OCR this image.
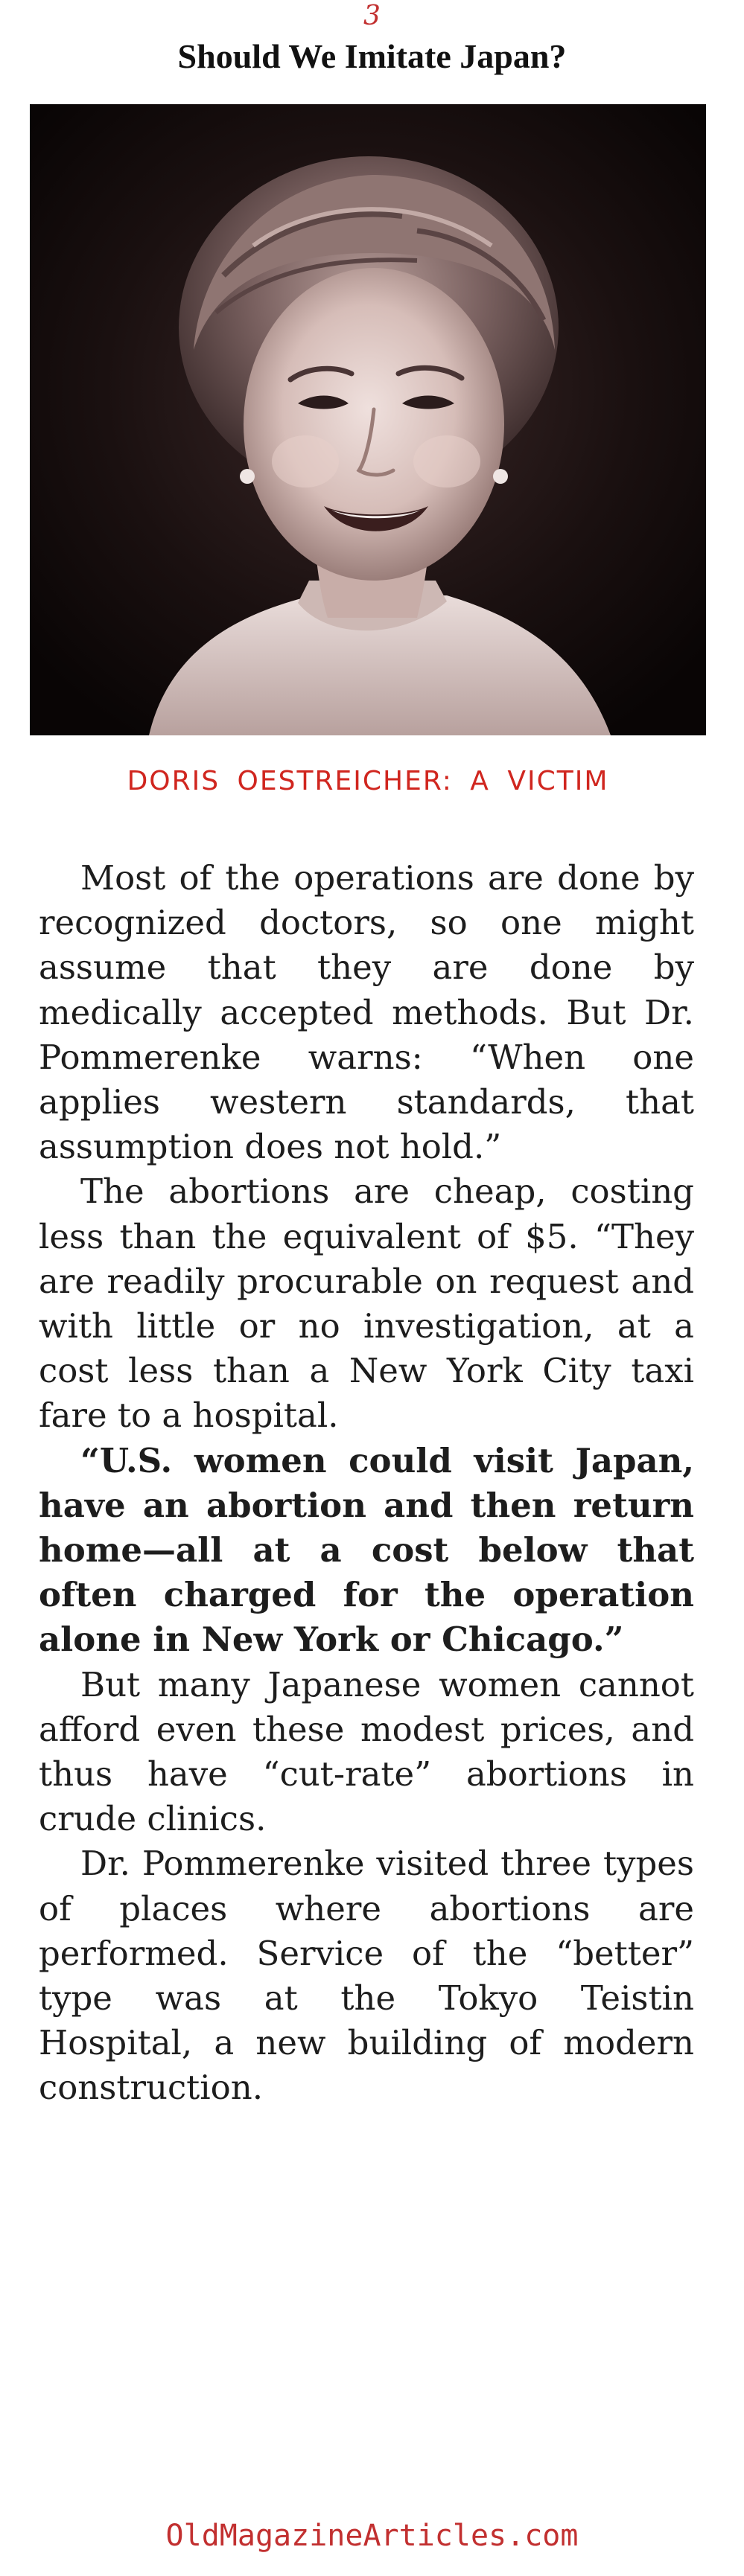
3
Should We Imitate Japan?
DORIS OESTREICHER: A VICTIM

Most of the operations are done by recognized doctors, so one might assume that they are done by medically accepted methods. But Dr. Pommerenke warns: “When one applies western standards, that assumption does not hold.”

The abortions are cheap, costing less than the equivalent of $5. “They are readily procurable on request and with little or no investigation, at a cost less than a New York City taxi fare to a hospital.

“U.S. women could visit Japan, have an abortion and then return home—all at a cost below that often charged for the operation alone in New York or Chicago.”

But many Japanese women cannot afford even these modest prices, and thus have “cut-rate” abortions in crude clinics.

Dr. Pommerenke visited three types of places where abortions are performed. Service of the “better” type was at the Tokyo Teistin Hospital, a new building of modern construction.

OldMagazineArticles.com
